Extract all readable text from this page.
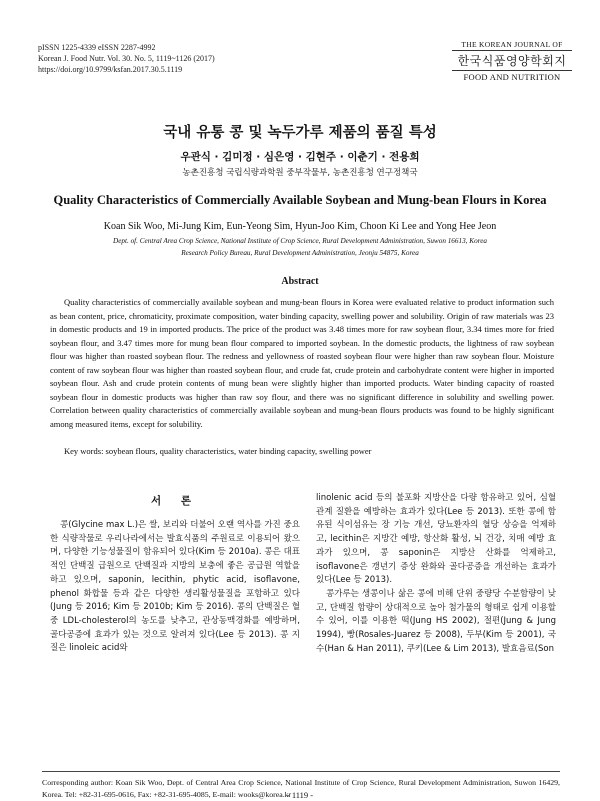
pISSN 1225-4339 eISSN 2287-4992
Korean J. Food Nutr. Vol. 30. No. 5, 1119~1126 (2017)
https://doi.org/10.9799/ksfan.2017.30.5.1119
THE KOREAN JOURNAL OF
한국식품영양학회지
FOOD AND NUTRITION
국내 유통 콩 및 녹두가루 제품의 품질 특성
우관식 · 김미정 · 심은영 · 김현주 · 이춘기 · 전용희
농촌진흥청 국립식량과학원 중부작물부, 농촌진흥청 연구정책국
Quality Characteristics of Commercially Available Soybean and Mung-bean Flours in Korea
Koan Sik Woo, Mi-Jung Kim, Eun-Yeong Sim, Hyun-Joo Kim, Choon Ki Lee and Yong Hee Jeon
Dept. of. Central Area Crop Science, National Institute of Crop Science, Rural Development Administration, Suwon 16613, Korea
Research Policy Bureau, Rural Development Administration, Jeonju 54875, Korea
Abstract
Quality characteristics of commercially available soybean and mung-bean flours in Korea were evaluated relative to product information such as bean content, price, chromaticity, proximate composition, water binding capacity, swelling power and solubility. Origin of raw materials was 23 in domestic products and 19 in imported products. The price of the product was 3.48 times more for raw soybean flour, 3.34 times more for fried soybean flour, and 3.47 times more for mung bean flour compared to imported soybean. In the domestic products, the lightness of raw soybean flour was higher than roasted soybean flour. The redness and yellowness of roasted soybean flour were higher than raw soybean flour. Moisture content of raw soybean flour was higher than roasted soybean flour, and crude fat, crude protein and carbohydrate content were higher in imported soybean flour. Ash and crude protein contents of mung bean were slightly higher than imported products. Water binding capacity of roasted soybean flour in domestic products was higher than raw soy flour, and there was no significant difference in solubility and swelling power. Correlation between quality characteristics of commercially available soybean and mung-bean flours products was found to be highly significant among measured items, except for solubility.
Key words: soybean flours, quality characteristics, water binding capacity, swelling power
서 론
콩(Glycine max L.)은 쌀, 보리와 더불어 오랜 역사를 가진 중요한 식량작물로 우리나라에서는 발효식품의 주원료로 이용되어 왔으며, 다양한 기능성물질이 함유되어 있다(Kim 등 2010a). 콩은 대표적인 단백질 급원으로 단백질과 지방의 보충에 좋은 공급원 역할을 하고 있으며, saponin, lecithin, phytic acid, isoflavone, phenol 화합물 등과 같은 다양한 생리활성물질을 포함하고 있다(Jung 등 2016; Kim 등 2010b; Kim 등 2016). 콩의 단백질은 혈중 LDL-cholesterol의 농도를 낮추고, 관상동맥경화를 예방하며, 골다공증에 효과가 있는 것으로 알려져 있다(Lee 등 2013). 콩 지질은 linoleic acid와
linolenic acid 등의 불포화 지방산을 다량 함유하고 있어, 심혈관계 질환을 예방하는 효과가 있다(Lee 등 2013). 또한 콩에 함유된 식이섬유는 장 기능 개선, 당뇨환자의 혈당 상승을 억제하고, lecithin은 지방간 예방, 항산화 활성, 뇌 건강, 치매 예방 효과가 있으며, 콩 saponin은 지방산 산화를 억제하고, isoflavone은 갱년기 증상 완화와 골다공증을 개선하는 효과가 있다(Lee 등 2013).
콩가루는 생콩이나 삶은 콩에 비해 단위 중량당 수분함량이 낮고, 단백질 함량이 상대적으로 높아 첨가물의 형태로 쉽게 이용할 수 있어, 이를 이용한 떡(Jung HS 2002), 절편(Jung & Jung 1994), 빵(Rosales-Juarez 등 2008), 두부(Kim 등 2001), 국수(Han & Han 2011), 쿠키(Lee & Lim 2013), 발효음료(Son
Corresponding author: Koan Sik Woo, Dept. of Central Area Crop Science, National Institute of Crop Science, Rural Development Administration, Suwon 16429, Korea. Tel: +82-31-695-0616, Fax: +82-31-695-4085, E-mail: wooks@korea.kr
- 1119 -
